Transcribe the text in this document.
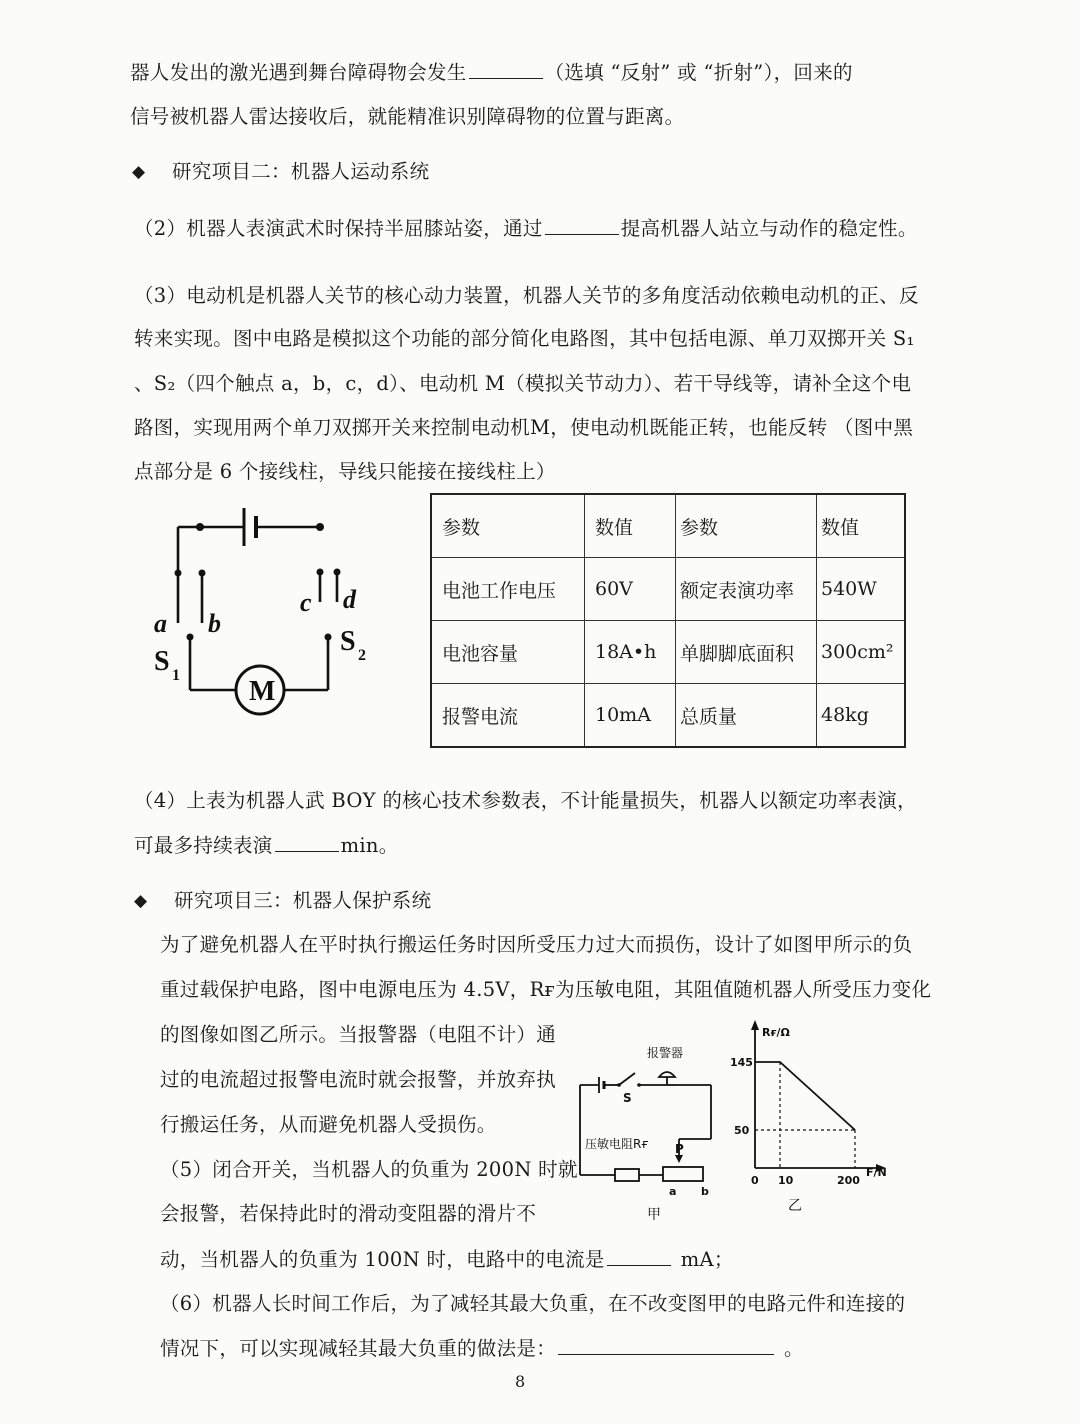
器人发出的激光遇到舞台障碍物会发生	（选填 “反射” 或 “折射”），回来的
信号被机器人雷达接收后，就能精准识别障碍物的位置与距离。
◆ 研究项目二：机器人运动系统
（2）机器人表演武术时保持半屈膝站姿，通过	提高机器人站立与动作的稳定性。
（3）电动机是机器人关节的核心动力装置，机器人关节的多角度活动依赖电动机的正、反
转来实现。图中电路是模拟这个功能的部分简化电路图，其中包括电源、单刀双掷开关 S₁
、S₂（四个触点 a，b，c，d）、电动机 M（模拟关节动力）、若干导线等，请补全这个电
路图，实现用两个单刀双掷开关来控制电动机M，使电动机既能正转，也能反转 （图中黑
点部分是 6 个接线柱，导线只能接在接线柱上）
a b
c d
S 1
S 2
M
参数	数值	参数	数值
电池工作电压	60V	额定表演功率	540W
电池容量	18A•h	单脚脚底面积	300cm²
报警电流	10mA	总质量	48kg
（4）上表为机器人武 BOY 的核心技术参数表，不计能量损失，机器人以额定功率表演，
可最多持续表演	min。
◆ 研究项目三：机器人保护系统
为了避免机器人在平时执行搬运任务时因所受压力过大而损伤，设计了如图甲所示的负
重过载保护电路，图中电源电压为 4.5V，Rғ为压敏电阻，其阻值随机器人所受压力变化
的图像如图乙所示。当报警器（电阻不计）通
过的电流超过报警电流时就会报警，并放弃执
行搬运任务，从而避免机器人受损伤。
（5）闭合开关，当机器人的负重为 200N 时就
会报警，若保持此时的滑动变阻器的滑片不
动，当机器人的负重为 100N 时，电路中的电流是	mA；
（6）机器人长时间工作后，为了减轻其最大负重，在不改变图甲的电路元件和连接的
情况下，可以实现减轻其最大负重的做法是：	。
报警器
S
压敏电阻Rғ P
a b
甲
Rғ/Ω
F/N
145
50
0 10	200
乙
8
